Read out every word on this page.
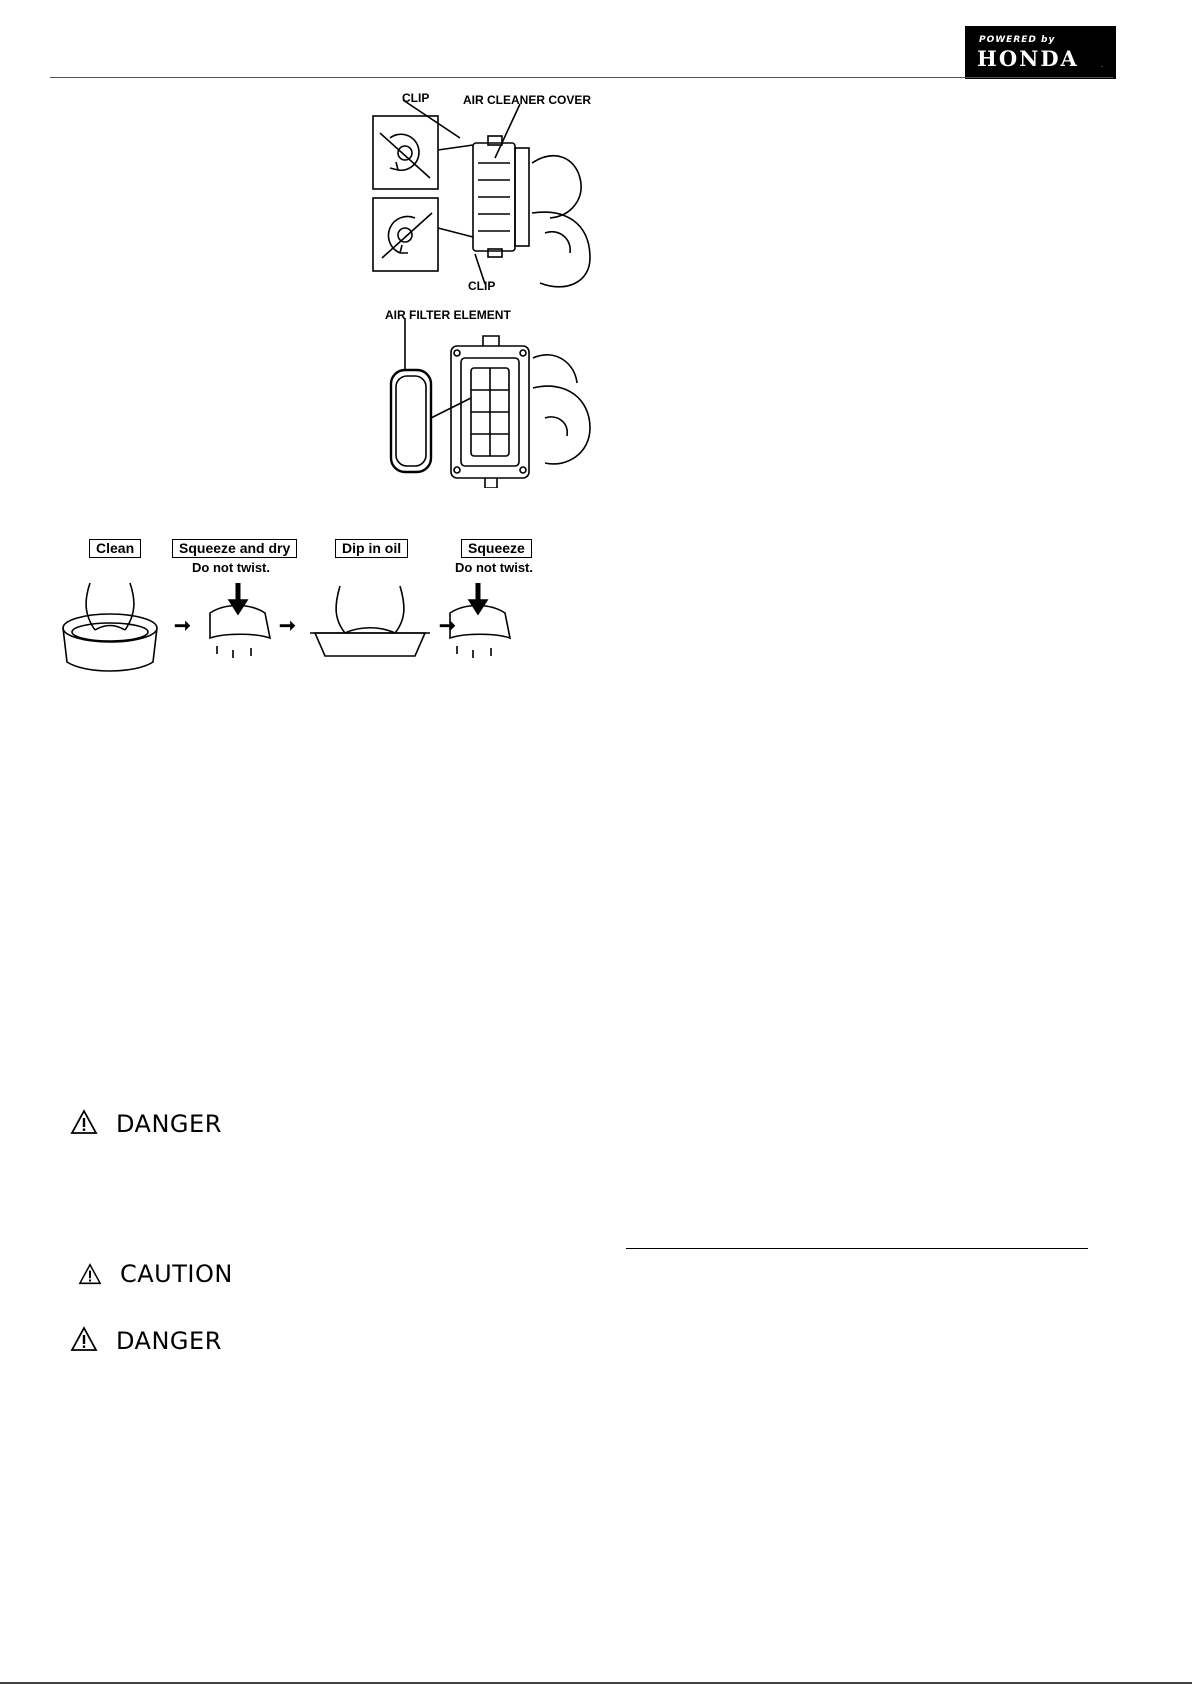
POWERED by
HONDA	.
CLIP	AIR CLEANER COVER
CLIP
AIR FILTER ELEMENT
Clean	Squeeze and dry
Do not twist.
Dip in oil	Squeeze
Do not twist.
➞	➞	➞
DANGER
CAUTION
DANGER
